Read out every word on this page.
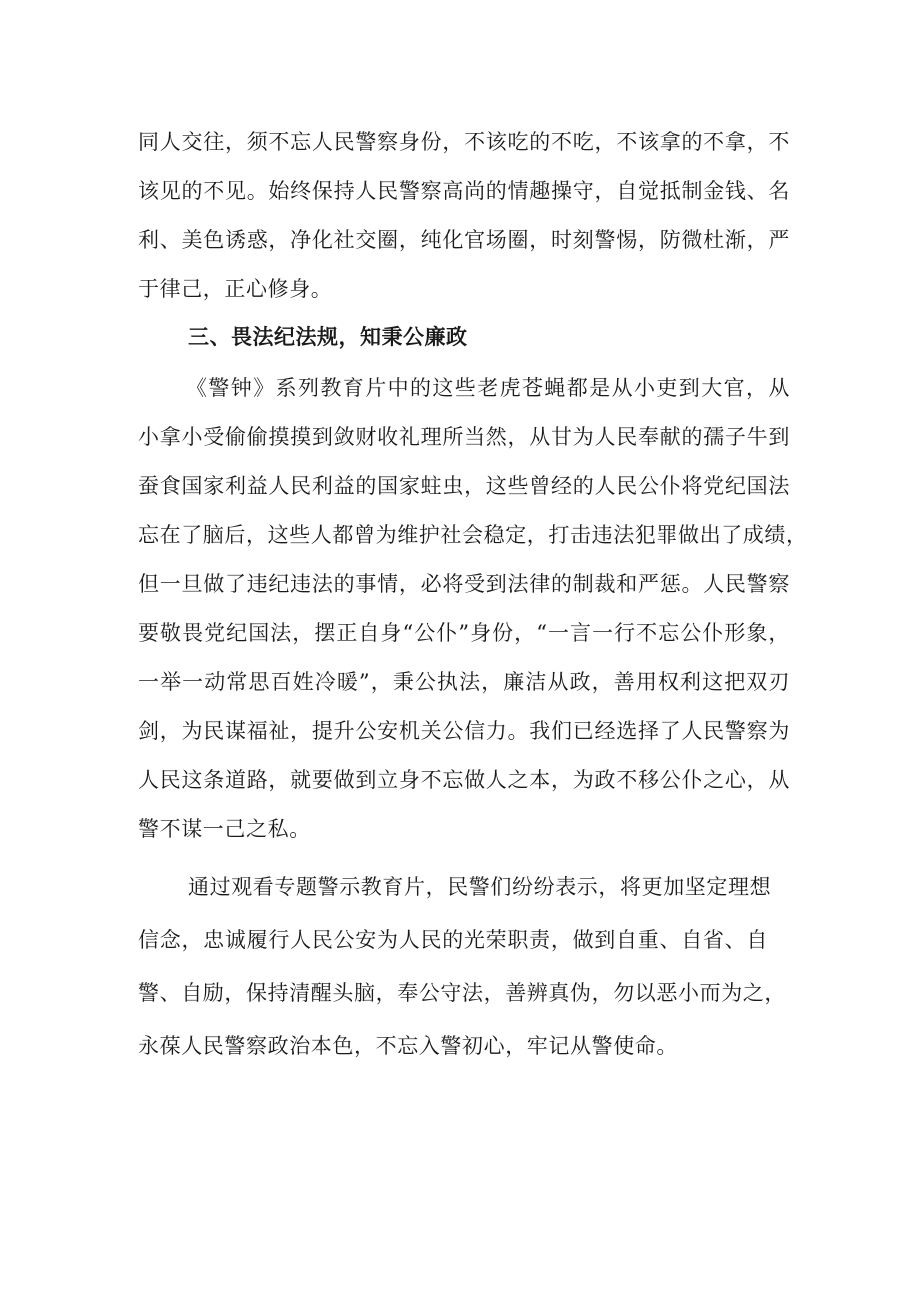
同人交往，须不忘人民警察身份，不该吃的不吃，不该拿的不拿，不

该见的不见。始终保持人民警察高尚的情趣操守，自觉抵制金钱、名

利、美色诱惑，净化社交圈，纯化官场圈，时刻警惕，防微杜渐，严

于律己，正心修身。

三、畏法纪法规，知秉公廉政

《警钟》系列教育片中的这些老虎苍蝇都是从小吏到大官，从

小拿小受偷偷摸摸到敛财收礼理所当然，从甘为人民奉献的孺子牛到

蚕食国家利益人民利益的国家蛀虫，这些曾经的人民公仆将党纪国法

忘在了脑后，这些人都曾为维护社会稳定，打击违法犯罪做出了成绩，

但一旦做了违纪违法的事情，必将受到法律的制裁和严惩。人民警察

要敬畏党纪国法，摆正自身“公仆”身份，“一言一行不忘公仆形象，

一举一动常思百姓冷暖”，秉公执法，廉洁从政，善用权利这把双刃

剑，为民谋福祉，提升公安机关公信力。我们已经选择了人民警察为

人民这条道路，就要做到立身不忘做人之本，为政不移公仆之心，从

警不谋一己之私。

通过观看专题警示教育片，民警们纷纷表示，将更加坚定理想

信念，忠诚履行人民公安为人民的光荣职责，做到自重、自省、自

警、自励，保持清醒头脑，奉公守法，善辨真伪，勿以恶小而为之，

永葆人民警察政治本色，不忘入警初心，牢记从警使命。
